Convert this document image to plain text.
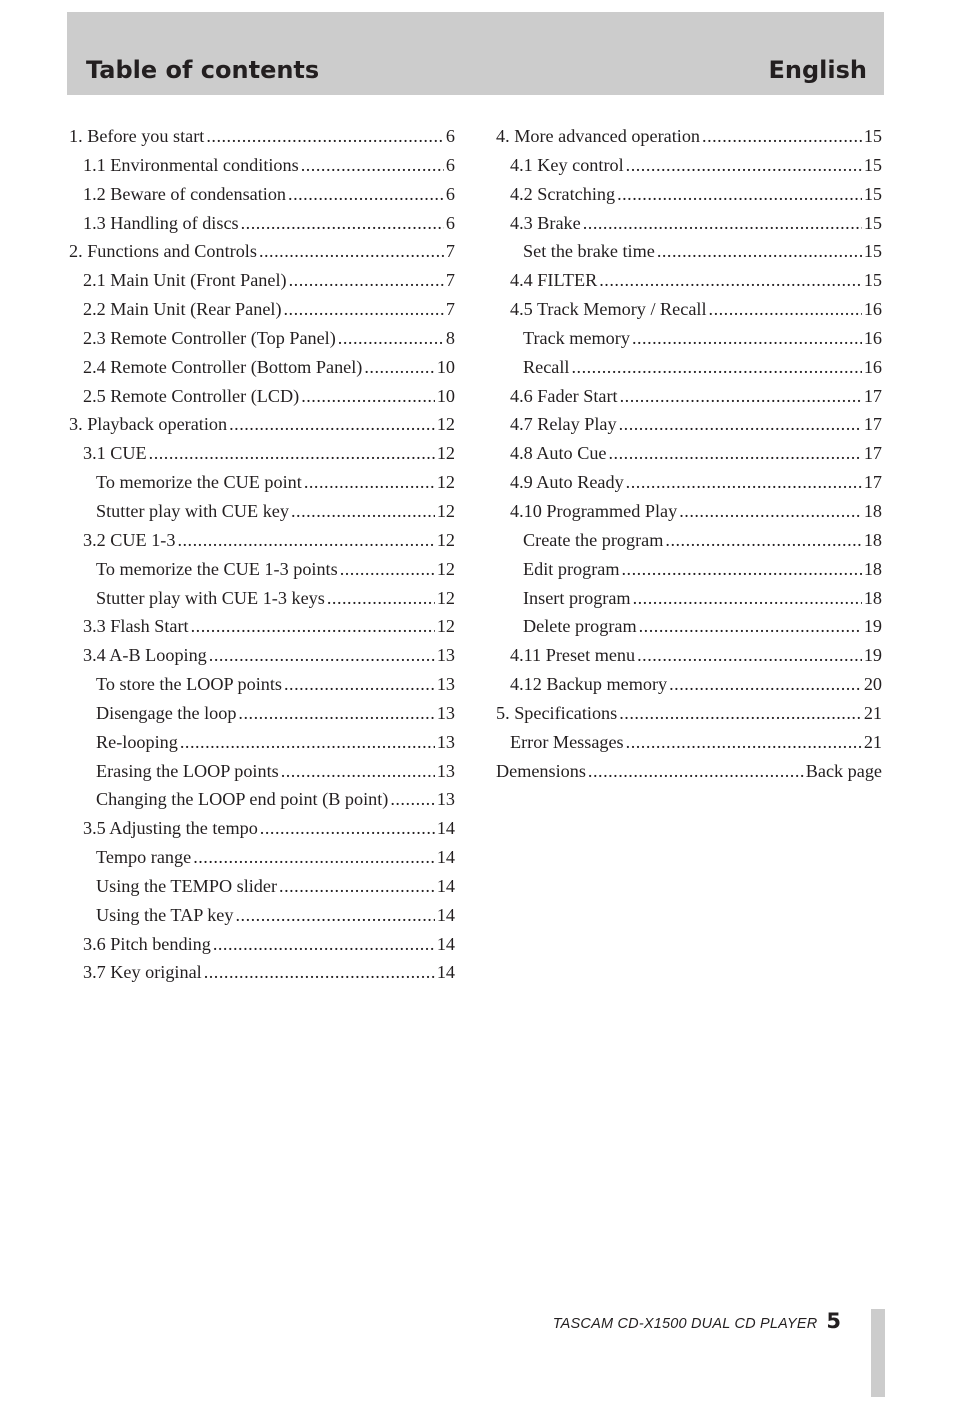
Table of contents	English
1. Before you start .....	6
1.1 Environmental conditions .....	6
1.2 Beware of condensation .....	6
1.3 Handling of discs .....	6
2. Functions and Controls .....	7
2.1 Main Unit (Front Panel) .....	7
2.2 Main Unit (Rear Panel) .....	7
2.3 Remote Controller (Top Panel) .....	8
2.4 Remote Controller (Bottom Panel) .....	10
2.5 Remote Controller (LCD) .....	10
3. Playback operation .....	12
3.1 CUE .....	12
To memorize the CUE point .....	12
Stutter play with CUE key .....	12
3.2 CUE 1-3 .....	12
To memorize the CUE 1-3 points .....	12
Stutter play with CUE 1-3 keys .....	12
3.3 Flash Start .....	12
3.4 A-B Looping .....	13
To store the LOOP points .....	13
Disengage the loop .....	13
Re-looping .....	13
Erasing the LOOP points .....	13
Changing the LOOP end point (B point) .....	13
3.5 Adjusting the tempo .....	14
Tempo range .....	14
Using the TEMPO slider .....	14
Using the TAP key .....	14
3.6 Pitch bending .....	14
3.7 Key original .....	14
4. More advanced operation .....	15
4.1 Key control .....	15
4.2 Scratching .....	15
4.3 Brake .....	15
Set the brake time .....	15
4.4 FILTER .....	15
4.5 Track Memory / Recall .....	16
Track memory .....	16
Recall .....	16
4.6 Fader Start .....	17
4.7 Relay Play .....	17
4.8 Auto Cue .....	17
4.9 Auto Ready .....	17
4.10 Programmed Play .....	18
Create the program .....	18
Edit program .....	18
Insert program .....	18
Delete program .....	19
4.11 Preset menu .....	19
4.12 Backup memory .....	20
5. Specifications .....	21
Error Messages .....	21
Demensions .....	Back page
TASCAM CD-X1500 DUAL CD PLAYER 5
